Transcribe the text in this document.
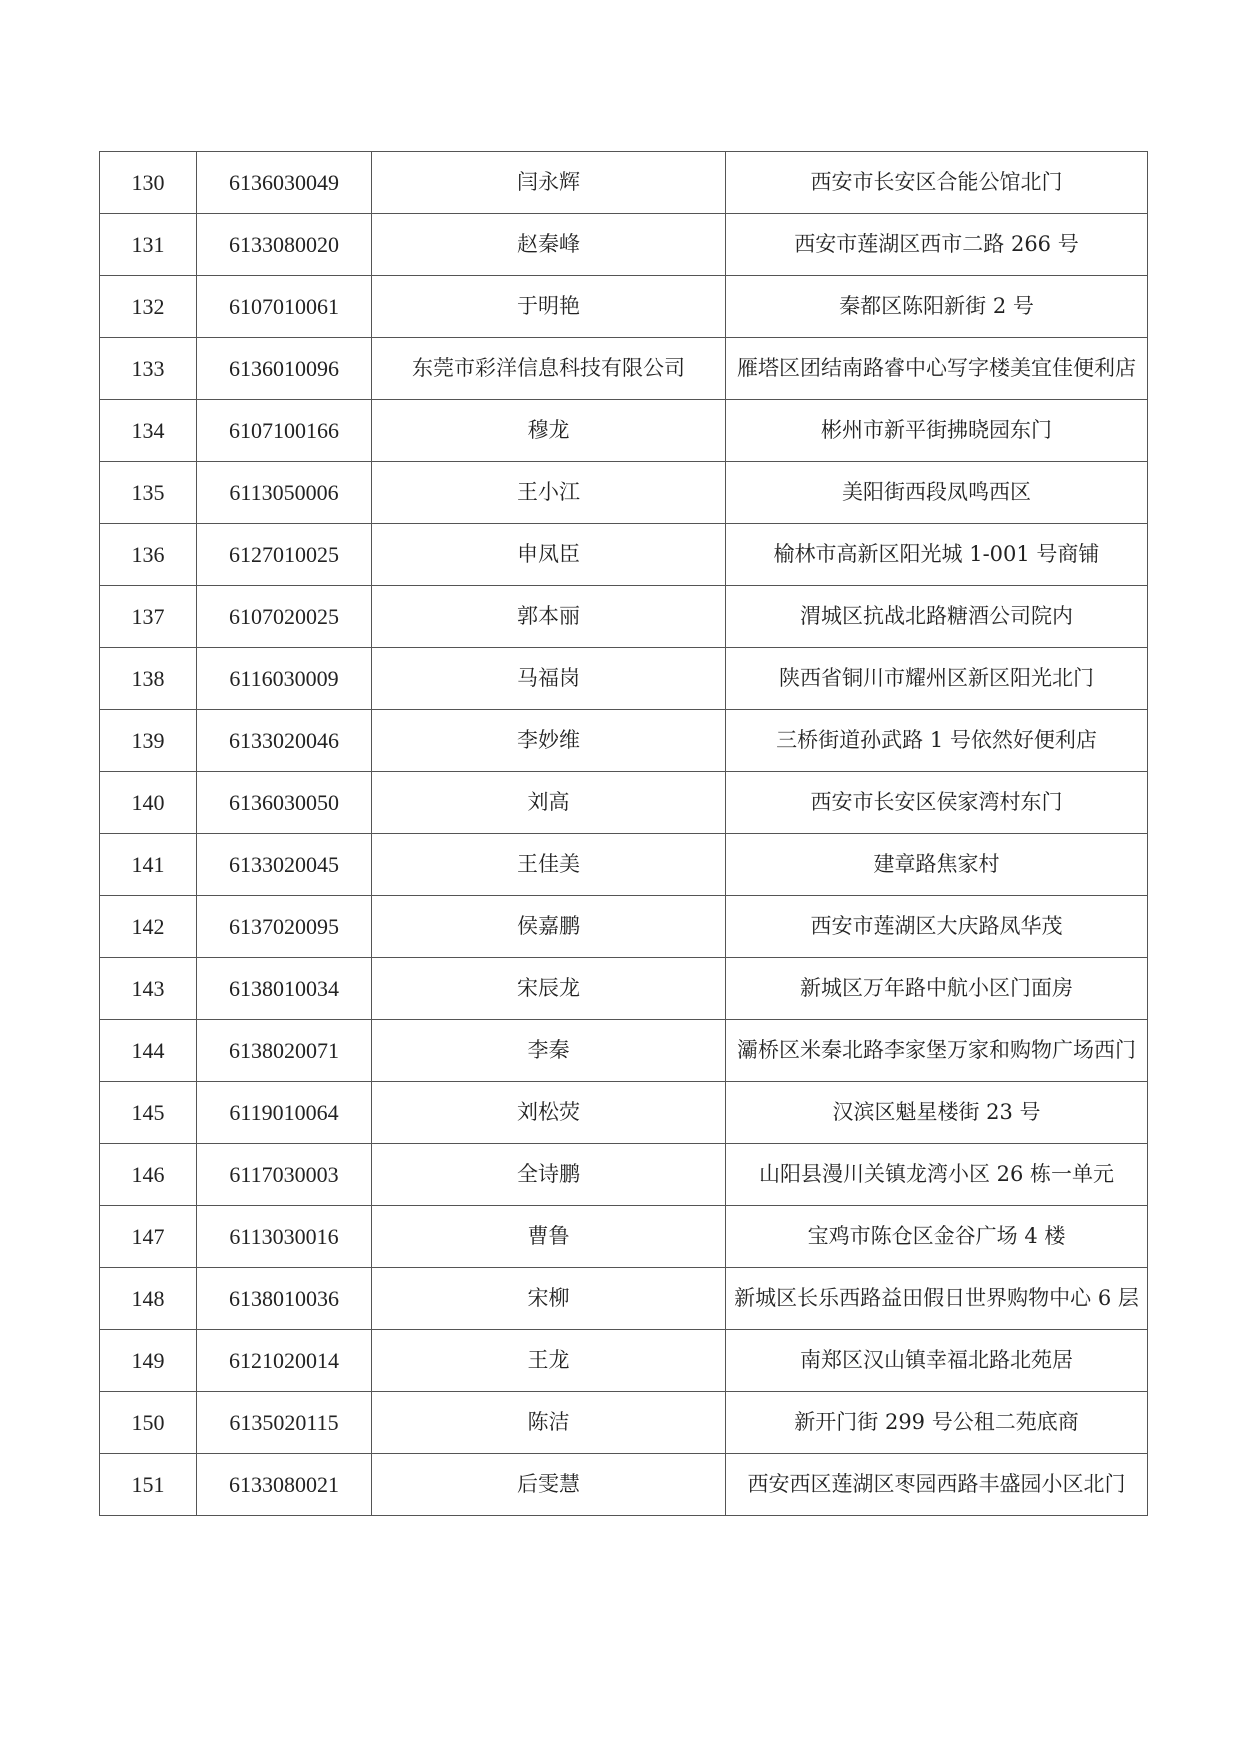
130	6136030049	闫永辉	西安市长安区合能公馆北门
131	6133080020	赵秦峰	西安市莲湖区西市二路 266 号
132	6107010061	于明艳	秦都区陈阳新街 2 号
133	6136010096	东莞市彩洋信息科技有限公司	雁塔区团结南路睿中心写字楼美宜佳便利店
134	6107100166	穆龙	彬州市新平街拂晓园东门
135	6113050006	王小江	美阳街西段凤鸣西区
136	6127010025	申凤臣	榆林市高新区阳光城 1-001 号商铺
137	6107020025	郭本丽	渭城区抗战北路糖酒公司院内
138	6116030009	马福岗	陕西省铜川市耀州区新区阳光北门
139	6133020046	李妙维	三桥街道孙武路 1 号依然好便利店
140	6136030050	刘高	西安市长安区侯家湾村东门
141	6133020045	王佳美	建章路焦家村
142	6137020095	侯嘉鹏	西安市莲湖区大庆路凤华茂
143	6138010034	宋辰龙	新城区万年路中航小区门面房
144	6138020071	李秦	灞桥区米秦北路李家堡万家和购物广场西门
145	6119010064	刘松荧	汉滨区魁星楼街 23 号
146	6117030003	全诗鹏	山阳县漫川关镇龙湾小区 26 栋一单元
147	6113030016	曹鲁	宝鸡市陈仓区金谷广场 4 楼
148	6138010036	宋柳	新城区长乐西路益田假日世界购物中心 6 层
149	6121020014	王龙	南郑区汉山镇幸福北路北苑居
150	6135020115	陈洁	新开门街 299 号公租二苑底商
151	6133080021	后雯慧	西安西区莲湖区枣园西路丰盛园小区北门
